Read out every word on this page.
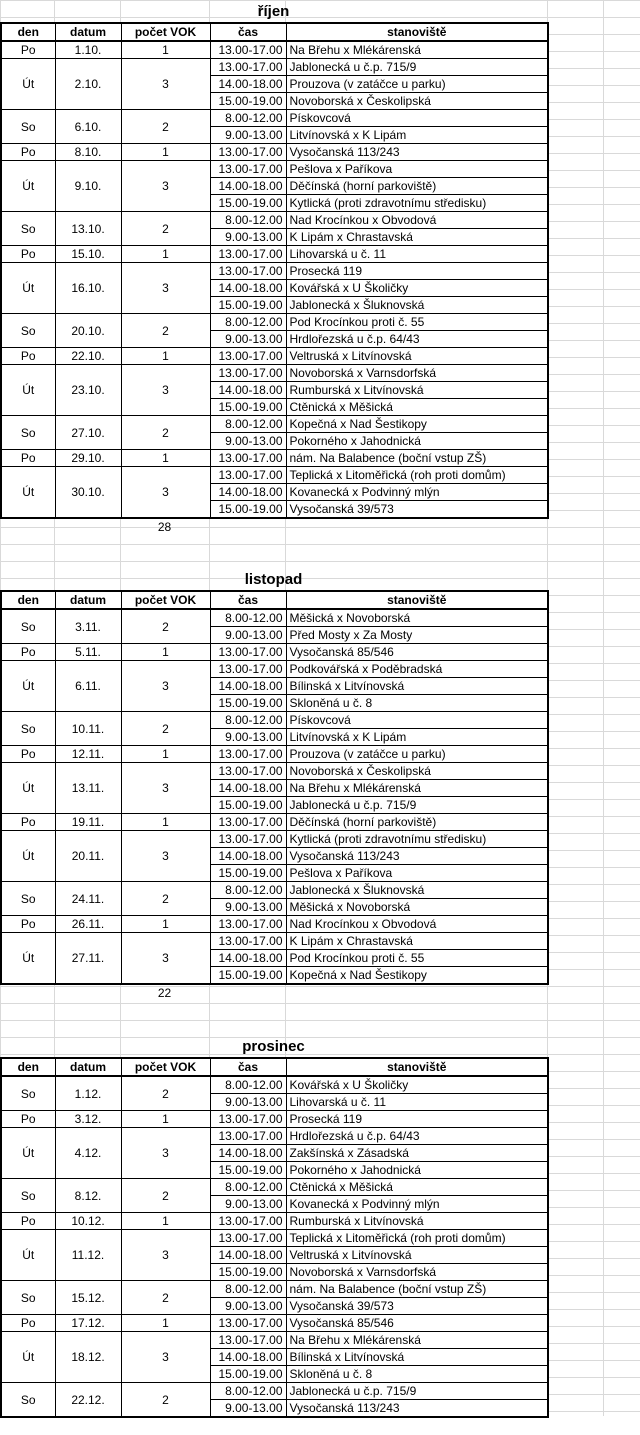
říjen
den	datum	počet VOK	čas	stanoviště
Po	1.10.	1	13.00-17.00	Na Břehu x Mlékárenská
Út	2.10.	3	13.00-17.00	Jablonecká u č.p. 715/9
			14.00-18.00	Prouzova (v zatáčce u parku)
			15.00-19.00	Novoborská x Českolipská
So	6.10.	2	8.00-12.00	Pískovcová
			9.00-13.00	Litvínovská x K Lipám
Po	8.10.	1	13.00-17.00	Vysočanská 113/243
Út	9.10.	3	13.00-17.00	Pešlova x Paříkova
			14.00-18.00	Děčínská (horní parkoviště)
			15.00-19.00	Kytlická (proti zdravotnímu středisku)
So	13.10.	2	8.00-12.00	Nad Krocínkou x Obvodová
			9.00-13.00	K Lipám x Chrastavská
Po	15.10.	1	13.00-17.00	Lihovarská u č. 11
Út	16.10.	3	13.00-17.00	Prosecká 119
			14.00-18.00	Kovářská x U Školičky
			15.00-19.00	Jablonecká x Šluknovská
So	20.10.	2	8.00-12.00	Pod Krocínkou proti č. 55
			9.00-13.00	Hrdlořezská u č.p. 64/43
Po	22.10.	1	13.00-17.00	Veltruská x Litvínovská
Út	23.10.	3	13.00-17.00	Novoborská x Varnsdorfská
			14.00-18.00	Rumburská x Litvínovská
			15.00-19.00	Ctěnická x Měšická
So	27.10.	2	8.00-12.00	Kopečná x Nad Šestikopy
			9.00-13.00	Pokorného x Jahodnická
Po	29.10.	1	13.00-17.00	nám. Na Balabence (boční vstup ZŠ)
Út	30.10.	3	13.00-17.00	Teplická x Litoměřická (roh proti domům)
			14.00-18.00	Kovanecká x Podvinný mlýn
			15.00-19.00	Vysočanská 39/573
28
listopad
den	datum	počet VOK	čas	stanoviště
So	3.11.	2	8.00-12.00	Měšická x Novoborská
			9.00-13.00	Před Mosty x Za Mosty
Po	5.11.	1	13.00-17.00	Vysočanská 85/546
Út	6.11.	3	13.00-17.00	Podkovářská x Poděbradská
			14.00-18.00	Bílinská x Litvínovská
			15.00-19.00	Skloněná u č. 8
So	10.11.	2	8.00-12.00	Pískovcová
			9.00-13.00	Litvínovská x K Lipám
Po	12.11.	1	13.00-17.00	Prouzova (v zatáčce u parku)
Út	13.11.	3	13.00-17.00	Novoborská x Českolipská
			14.00-18.00	Na Břehu x Mlékárenská
			15.00-19.00	Jablonecká u č.p. 715/9
Po	19.11.	1	13.00-17.00	Děčínská (horní parkoviště)
Út	20.11.	3	13.00-17.00	Kytlická (proti zdravotnímu středisku)
			14.00-18.00	Vysočanská 113/243
			15.00-19.00	Pešlova x Paříkova
So	24.11.	2	8.00-12.00	Jablonecká x Šluknovská
			9.00-13.00	Měšická x Novoborská
Po	26.11.	1	13.00-17.00	Nad Krocínkou x Obvodová
Út	27.11.	3	13.00-17.00	K Lipám x Chrastavská
			14.00-18.00	Pod Krocínkou proti č. 55
			15.00-19.00	Kopečná x Nad Šestikopy
22
prosinec
den	datum	počet VOK	čas	stanoviště
So	1.12.	2	8.00-12.00	Kovářská x U Školičky
			9.00-13.00	Lihovarská u č. 11
Po	3.12.	1	13.00-17.00	Prosecká 119
Út	4.12.	3	13.00-17.00	Hrdlořezská u č.p. 64/43
			14.00-18.00	Zakšínská x Zásadská
			15.00-19.00	Pokorného x Jahodnická
So	8.12.	2	8.00-12.00	Ctěnická x Měšická
			9.00-13.00	Kovanecká x Podvinný mlýn
Po	10.12.	1	13.00-17.00	Rumburská x Litvínovská
Út	11.12.	3	13.00-17.00	Teplická x Litoměřická (roh proti domům)
			14.00-18.00	Veltruská x Litvínovská
			15.00-19.00	Novoborská x Varnsdorfská
So	15.12.	2	8.00-12.00	nám. Na Balabence (boční vstup ZŠ)
			9.00-13.00	Vysočanská 39/573
Po	17.12.	1	13.00-17.00	Vysočanská 85/546
Út	18.12.	3	13.00-17.00	Na Břehu x Mlékárenská
			14.00-18.00	Bílinská x Litvínovská
			15.00-19.00	Skloněná u č. 8
So	22.12.	2	8.00-12.00	Jablonecká u č.p. 715/9
			9.00-13.00	Vysočanská 113/243
